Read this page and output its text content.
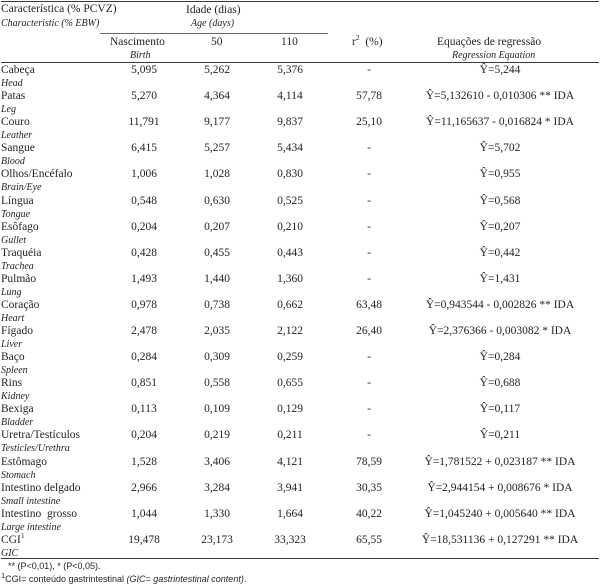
Característica (% PCVZ)
Characteristic (% EBW)
Idade (dias)
Age (days)
Nascimento
Birth
50	110	$r^2$ (%)	Equações de regressão
Regression Equation
Cabeça
Head
5,095	5,262	5,376	-	Ŷ=5,244
Patas
Leg
5,270	4,364	4,114	57,78	Ŷ=5,132610 - 0,010306 ** IDA
Couro
Leather
11,791	9,177	9,837	25,10	Ŷ=11,165637 - 0,016824 * IDA
Sangue
Blood
6,415	5,257	5,434	-	Ŷ=5,702
Olhos/Encéfalo
Brain/Eye
1,006	1,028	0,830	-	Ŷ=0,955
Língua
Tongue
0,548	0,630	0,525	-	Ŷ=0,568
Esôfago
Gullet
0,204	0,207	0,210	-	Ŷ=0,207
Traquéia
Trachea
0,428	0,455	0,443	-	Ŷ=0,442
Pulmão
Lung
1,493	1,440	1,360	-	Ŷ=1,431
Coração
Heart
0,978	0,738	0,662	63,48	Ŷ=0,943544 - 0,002826 ** IDA
Fígado
Liver
2,478	2,035	2,122	26,40	Ŷ=2,376366 - 0,003082 * IDA
Baço
Spleen
0,284	0,309	0,259	-	Ŷ=0,284
Rins
Kidney
0,851	0,558	0,655	-	Ŷ=0,688
Bexiga
Bladder
0,113	0,109	0,129	-	Ŷ=0,117
Uretra/Testículos
Testicles/Urethra
0,204	0,219	0,211	-	Ŷ=0,211
Estômago
Stomach
1,528	3,406	4,121	78,59	Ŷ=1,781522 + 0,023187 ** IDA
Intestino delgado
Small intestine
2,966	3,284	3,941	30,35	Ŷ=2,944154 + 0,008676 * IDA
Intestino  grosso
Large intestine
1,044	1,330	1,664	40,22	Ŷ=1,045240 + 0,005640 ** IDA
CGI$^1$
GIC
19,478	23,173	33,323	65,55	Ŷ=18,531136 + 0,127291 ** IDA
** (P<0,01), * (P<0,05).
$^1$CGI= conteúdo gastrintestinal (GIC= gastrintestinal content).
